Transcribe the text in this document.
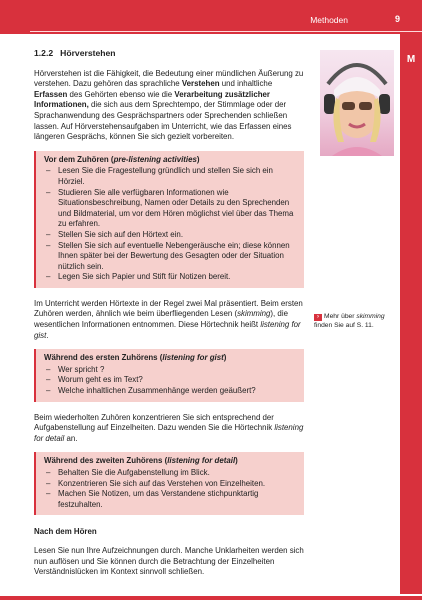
Methoden	9
M
1.2.2 Hörverstehen

Hörverstehen ist die Fähigkeit, die Bedeutung einer mündlichen Äußerung zu verstehen. Dazu gehören das sprachliche Verstehen und inhaltliche Erfassen des Gehörten ebenso wie die Verarbeitung zusätzlicher Informationen, die sich aus dem Sprechtempo, der Stimmlage oder der Sprachanwendung des Gesprächspartners oder Sprechenden schließen lassen. Auf Hörverstehensaufgaben im Unterricht, wie das Erfassen eines längeren Gesprächs, können Sie sich gezielt vorbereiten.

Vor dem Zuhören (pre-listening activities)
– Lesen Sie die Fragestellung gründlich und stellen Sie sich ein Hörziel.
– Studieren Sie alle verfügbaren Informationen wie Situationsbeschreibung, Namen oder Details zu den Sprechenden und Bildmaterial, um vor dem Hören möglichst viel über das Thema zu erfahren.
– Stellen Sie sich auf den Hörtext ein.
– Stellen Sie sich auf eventuelle Nebengeräusche ein; diese können Ihnen später bei der Bewertung des Gesagten oder der Situation nützlich sein.
– Legen Sie sich Papier und Stift für Notizen bereit.

Im Unterricht werden Hörtexte in der Regel zwei Mal präsentiert. Beim ersten Zuhören werden, ähnlich wie beim überfliegenden Lesen (skimming), die wesentlichen Informationen entnommen. Diese Hörtechnik heißt listening for gist.

Während des ersten Zuhörens (listening for gist)
– Wer spricht ?
– Worum geht es im Text?
– Welche inhaltlichen Zusammenhänge werden geäußert?

Beim wiederholten Zuhören konzentrieren Sie sich entsprechend der Aufgabenstellung auf Einzelheiten. Dazu wenden Sie die Hörtechnik listening for detail an.

Während des zweiten Zuhörens (listening for detail)
– Behalten Sie die Aufgabenstellung im Blick.
– Konzentrieren Sie sich auf das Verstehen von Einzelheiten.
– Machen Sie Notizen, um das Verstandene stichpunktartig festzuhalten.
Nach dem Hören

Lesen Sie nun Ihre Aufzeichnungen durch. Manche Unklarheiten werden sich nun auflösen und Sie können durch die Betrachtung der Einzelheiten Verständnislücken im Kontext sinnvoll schließen.

› Mehr über skimming finden Sie auf S. 11.
